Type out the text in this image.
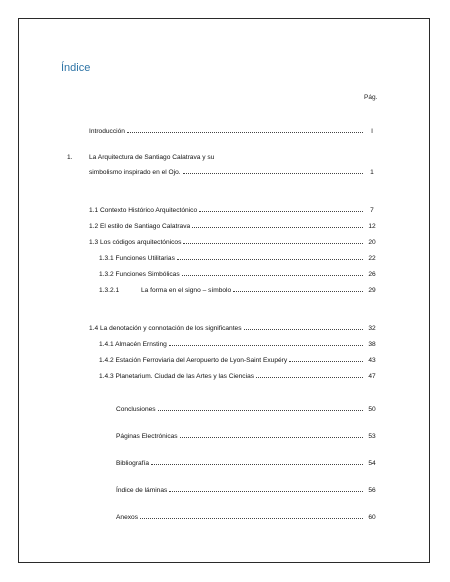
Índice
Pág.
Introducción	I
1.	La Arquitectura de Santiago Calatrava y su
simbolismo inspirado en el Ojo.	1
1.1 Contexto Histórico Arquitectónico	7
1.2 El estilo de Santiago Calatrava	12
1.3 Los códigos arquitectónicos	20
1.3.1 Funciones Utilitarias	22
1.3.2 Funciones Simbólicas	26
1.3.2.1	La forma en el signo – símbolo	29
1.4 La denotación y connotación de los significantes	32
1.4.1 Almacén Ernsting	38
1.4.2 Estación Ferroviaria del Aeropuerto de Lyon-Saint Exupéry	43
1.4.3 Planetarium. Ciudad de las Artes y las Ciencias	47
Conclusiones	50
Páginas Electrónicas	53
Bibliografía	54
Índice de láminas	56
Anexos	60
